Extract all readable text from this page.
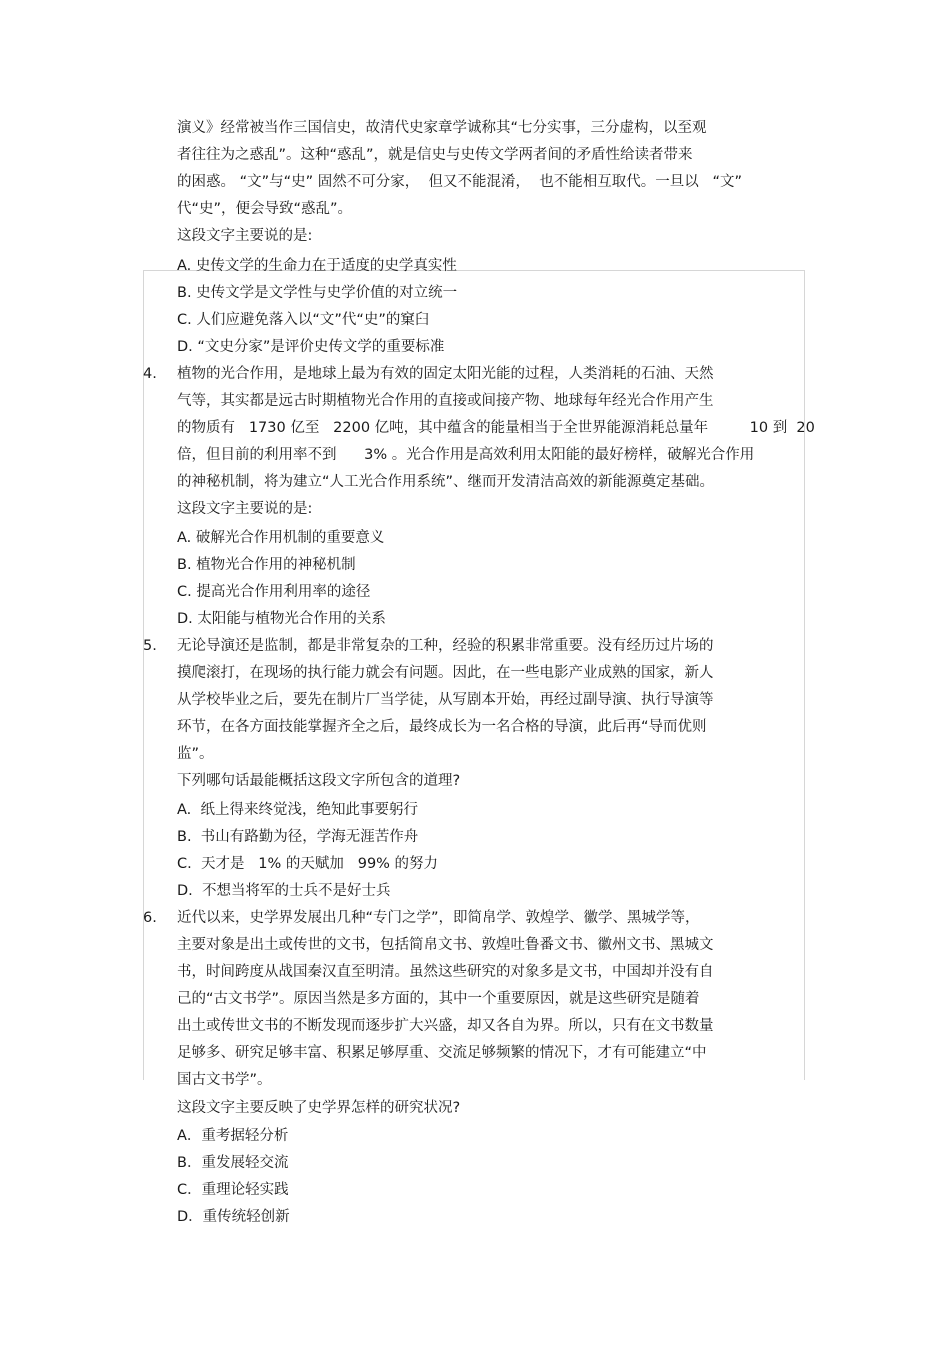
演义》经常被当作三国信史，故清代史家章学诚称其“七分实事，三分虚构，以至观
者往往为之惑乱”。这种“惑乱”，就是信史与史传文学两者间的矛盾性给读者带来
的困惑。 “文”与“史” 固然不可分家，  但又不能混淆，  也不能相互取代。一旦以   “文”
代“史”，便会导致“惑乱”。
这段文字主要说的是:
A. 史传文学的生命力在于适度的史学真实性
B. 史传文学是文学性与史学价值的对立统一
C. 人们应避免落入以“文”代“史”的窠臼
D. “文史分家”是评价史传文学的重要标准
4. 植物的光合作用，是地球上最为有效的固定太阳光能的过程，人类消耗的石油、天然
气等，其实都是远古时期植物光合作用的直接或间接产物、地球每年经光合作用产生
的物质有   1730 亿至   2200 亿吨，其中蕴含的能量相当于全世界能源消耗总量年         10 到  20
倍，但目前的利用率不到      3% 。光合作用是高效利用太阳能的最好榜样，破解光合作用
的神秘机制，将为建立“人工光合作用系统”、继而开发清洁高效的新能源奠定基础。
这段文字主要说的是:
A. 破解光合作用机制的重要意义
B. 植物光合作用的神秘机制
C. 提高光合作用利用率的途径
D. 太阳能与植物光合作用的关系
5. 无论导演还是监制，都是非常复杂的工种，经验的积累非常重要。没有经历过片场的
摸爬滚打，在现场的执行能力就会有问题。因此，在一些电影产业成熟的国家，新人
从学校毕业之后，要先在制片厂当学徒，从写剧本开始，再经过副导演、执行导演等
环节，在各方面技能掌握齐全之后，最终成长为一名合格的导演，此后再“导而优则
监”。
下列哪句话最能概括这段文字所包含的道理?
A.  纸上得来终觉浅，绝知此事要躬行
B.  书山有路勤为径，学海无涯苦作舟
C.  天才是   1% 的天赋加   99% 的努力
D.  不想当将军的士兵不是好士兵
6. 近代以来，史学界发展出几种“专门之学”，即简帛学、敦煌学、徽学、黑城学等，
主要对象是出土或传世的文书，包括简帛文书、敦煌吐鲁番文书、徽州文书、黑城文
书，时间跨度从战国秦汉直至明清。虽然这些研究的对象多是文书，中国却并没有自
己的“古文书学”。原因当然是多方面的，其中一个重要原因，就是这些研究是随着
出土或传世文书的不断发现而逐步扩大兴盛，却又各自为界。所以，只有在文书数量
足够多、研究足够丰富、积累足够厚重、交流足够频繁的情况下，才有可能建立“中
国古文书学”。
这段文字主要反映了史学界怎样的研究状况?
A．重考据轻分析
B．重发展轻交流
C．重理论轻实践
D．重传统轻创新
